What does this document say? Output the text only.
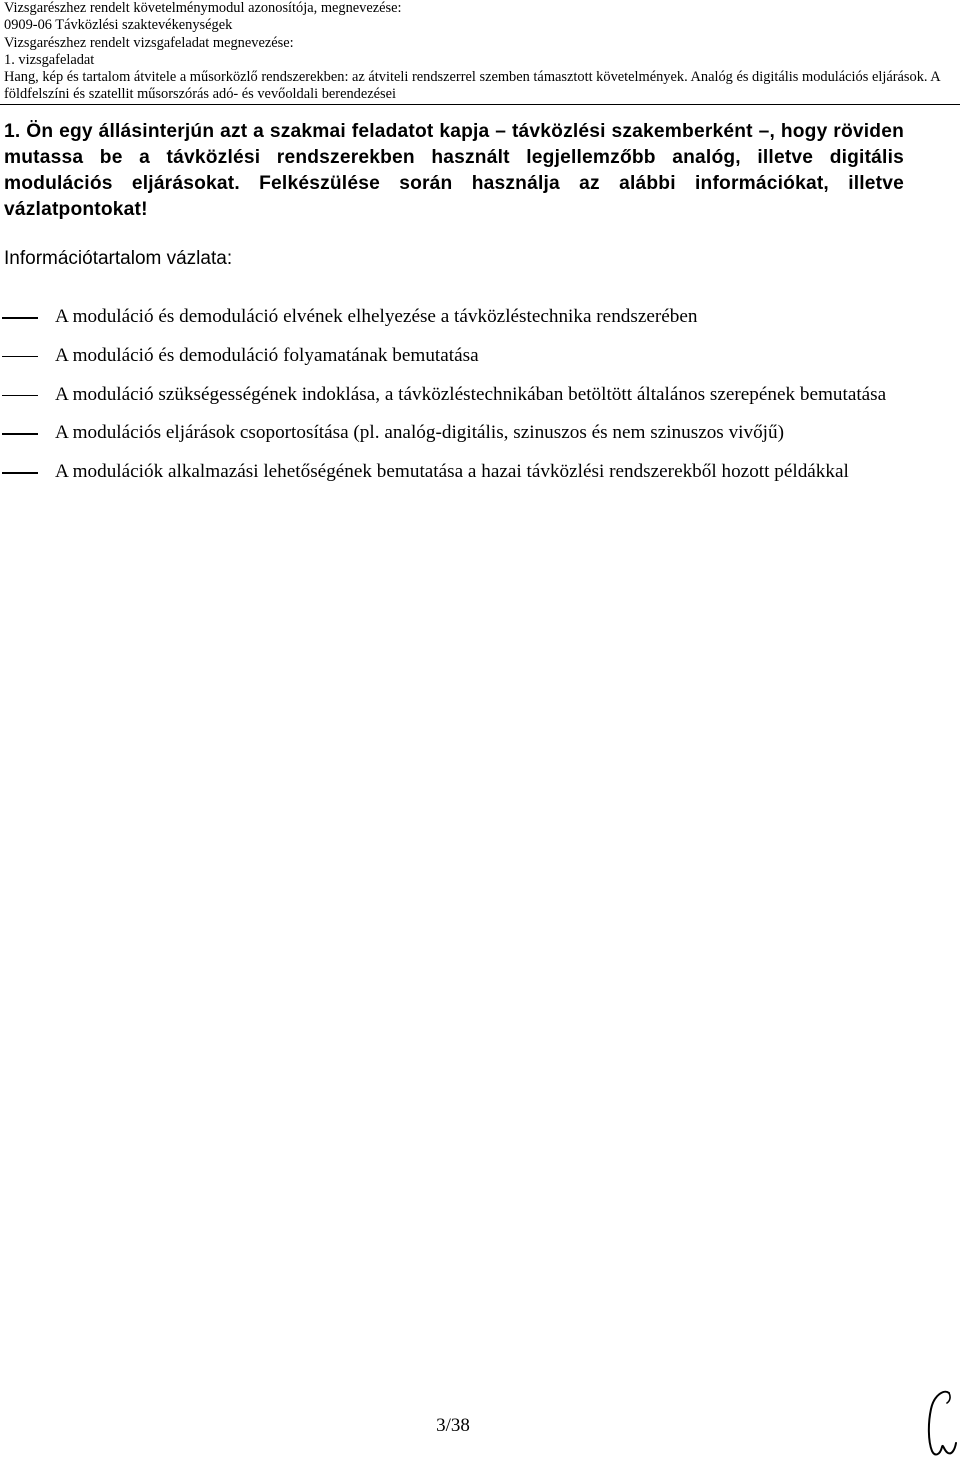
Vizsgarészhez rendelt követelménymodul azonosítója, megnevezése:
0909-06 Távközlési szaktevékenységek
Vizsgarészhez rendelt vizsgafeladat megnevezése:
1. vizsgafeladat
Hang, kép és tartalom átvitele a műsorközlő rendszerekben: az átviteli rendszerrel szemben támasztott követelmények. Analóg és digitális modulációs eljárások. A földfelszíni és szatellit műsorszórás adó- és vevőoldali berendezései
1. Ön egy állásinterjún azt a szakmai feladatot kapja – távközlési szakemberként –, hogy röviden mutassa be a távközlési rendszerekben használt legjellemzőbb analóg, illetve digitális modulációs eljárásokat. Felkészülése során használja az alábbi információkat, illetve vázlatpontokat!
Információtartalom vázlata:
A moduláció és demoduláció elvének elhelyezése a távközléstechnika rendszerében
A moduláció és demoduláció folyamatának bemutatása
A moduláció szükségességének indoklása, a távközléstechnikában betöltött általános szerepének bemutatása
A modulációs eljárások csoportosítása (pl. analóg-digitális, szinuszos és nem szinuszos vivőjű)
A modulációk alkalmazási lehetőségének bemutatása a hazai távközlési rendszerekből hozott példákkal
3/38
